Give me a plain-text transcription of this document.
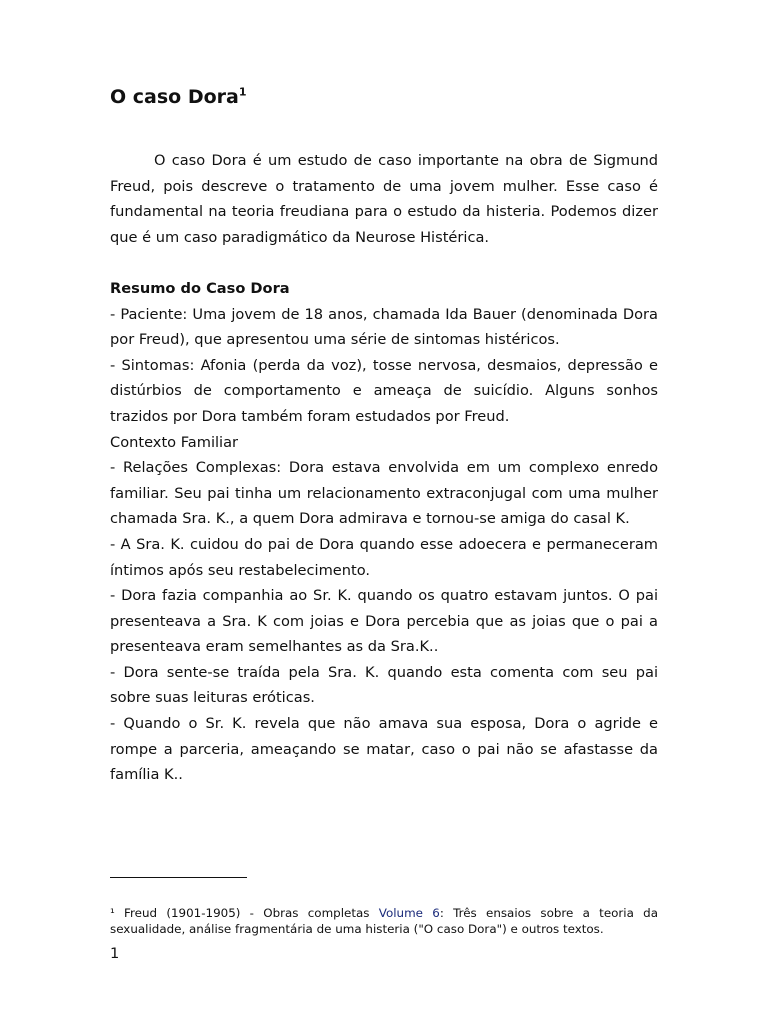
O caso Dora$^1$

O caso Dora é um estudo de caso importante na obra de Sigmund Freud, pois descreve o tratamento de uma jovem mulher. Esse caso é fundamental na teoria freudiana para o estudo da histeria. Podemos dizer que é um caso paradigmático da Neurose Histérica.

Resumo do Caso Dora

- Paciente: Uma jovem de 18 anos, chamada Ida Bauer (denominada Dora por Freud), que apresentou uma série de sintomas histéricos.

- Sintomas: Afonia (perda da voz), tosse nervosa, desmaios, depressão e distúrbios de comportamento e ameaça de suicídio. Alguns sonhos trazidos por Dora também foram estudados por Freud.

Contexto Familiar

- Relações Complexas: Dora estava envolvida em um complexo enredo familiar. Seu pai tinha um relacionamento extraconjugal com uma mulher chamada Sra. K., a quem Dora admirava e tornou-se amiga do casal K.

- A Sra. K. cuidou do pai de Dora quando esse adoecera e permaneceram íntimos após seu restabelecimento.

- Dora fazia companhia ao Sr. K. quando os quatro estavam juntos. O pai presenteava a Sra. K com joias e Dora percebia que as joias que o pai a presenteava eram semelhantes as da Sra.K..

- Dora sente-se traída pela Sra. K. quando esta comenta com seu pai sobre suas leituras eróticas.

- Quando o Sr. K. revela que não amava sua esposa, Dora o agride e rompe a parceria, ameaçando se matar, caso o pai não se afastasse da família K..

¹ Freud (1901-1905) - Obras completas Volume 6: Três ensaios sobre a teoria da sexualidade, análise fragmentária de uma histeria ("O caso Dora") e outros textos.
1
